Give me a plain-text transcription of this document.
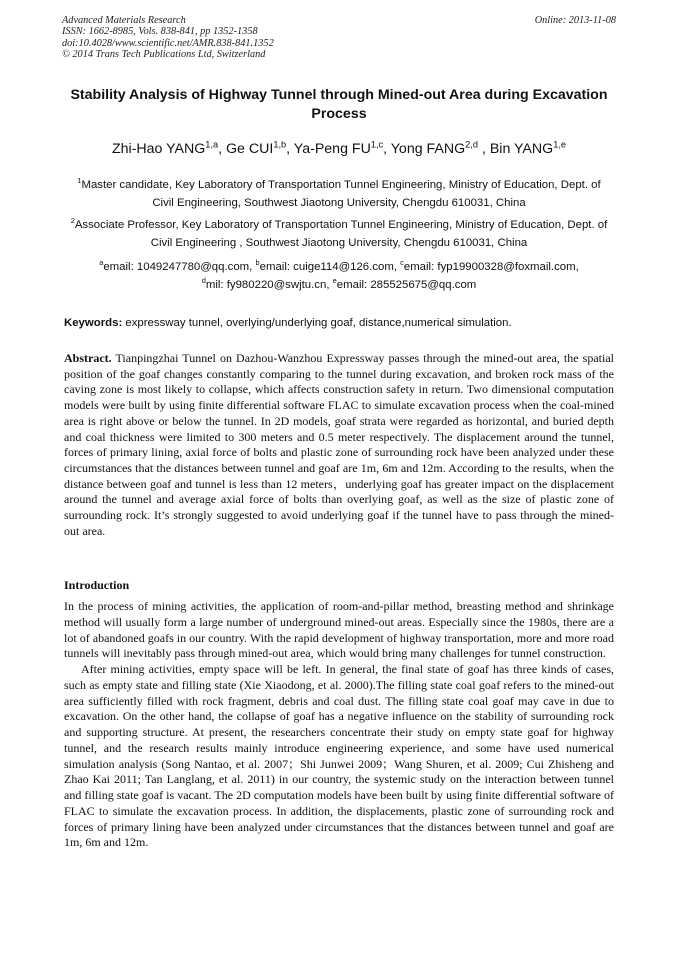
Advanced Materials Research
ISSN: 1662-8985, Vols. 838-841, pp 1352-1358
doi:10.4028/www.scientific.net/AMR.838-841.1352
© 2014 Trans Tech Publications Ltd, Switzerland
Online: 2013-11-08
Stability Analysis of Highway Tunnel through Mined-out Area during Excavation Process
Zhi-Hao YANG$^{1,a}$, Ge CUI$^{1,b}$, Ya-Peng FU$^{1,c}$, Yong FANG$^{2,d}$ , Bin YANG$^{1,e}$
$^1$Master candidate, Key Laboratory of Transportation Tunnel Engineering, Ministry of Education, Dept. of Civil Engineering, Southwest Jiaotong University, Chengdu 610031, China
$^2$Associate Professor, Key Laboratory of Transportation Tunnel Engineering, Ministry of Education, Dept. of Civil Engineering , Southwest Jiaotong University, Chengdu 610031, China
$^a$email: 1049247780@qq.com, $^b$email: cuige114@126.com, $^c$email: fyp19900328@foxmail.com,
$^d$mil: fy980220@swjtu.cn, $^e$email: 285525675@qq.com
Keywords: expressway tunnel, overlying/underlying goaf, distance,numerical simulation.
Abstract. Tianpingzhai Tunnel on Dazhou-Wanzhou Expressway passes through the mined-out area, the spatial position of the goaf changes constantly comparing to the tunnel during excavation, and broken rock mass of the caving zone is most likely to collapse, which affects construction safety in return. Two dimensional computation models were built by using finite differential software FLAC to simulate excavation process when the coal-mined area is right above or below the tunnel. In 2D models, goaf strata were regarded as horizontal, and buried depth and coal thickness were limited to 300 meters and 0.5 meter respectively. The displacement around the tunnel, forces of primary lining, axial force of bolts and plastic zone of surrounding rock have been analyzed under these circumstances that the distances between tunnel and goaf are 1m, 6m and 12m. According to the results, when the distance between goaf and tunnel is less than 12 meters，underlying goaf has greater impact on the displacement around the tunnel and average axial force of bolts than overlying goaf, as well as the size of plastic zone of surrounding rock. It’s strongly suggested to avoid underlying goaf if the tunnel have to pass through the mined-out area.
Introduction

In the process of mining activities, the application of room-and-pillar method, breasting method and shrinkage method will usually form a large number of underground mined-out areas. Especially since the 1980s, there are a lot of abandoned goafs in our country. With the rapid development of highway transportation, more and more road tunnels will inevitably pass through mined-out area, which would bring many challenges for tunnel construction.

After mining activities, empty space will be left. In general, the final state of goaf has three kinds of cases, such as empty state and filling state (Xie Xiaodong, et al. 2000).The filling state coal goaf refers to the mined-out area sufficiently filled with rock fragment, debris and coal dust. The filling state coal goaf may cave in due to excavation. On the other hand, the collapse of goaf has a negative influence on the stability of surrounding rock and supporting structure. At present, the researchers concentrate their study on empty state goaf for highway tunnel, and the research results mainly introduce engineering experience, and some have used numerical simulation analysis (Song Nantao, et al. 2007；Shi Junwei 2009；Wang Shuren, et al. 2009; Cui Zhisheng and Zhao Kai 2011; Tan Langlang, et al. 2011) in our country, the systemic study on the interaction between tunnel and filling state goaf is vacant. The 2D computation models have been built by using finite differential software of FLAC to simulate the excavation process. In addition, the displacements, plastic zone of surrounding rock and forces of primary lining have been analyzed under circumstances that the distances between tunnel and goaf are 1m, 6m and 12m.
